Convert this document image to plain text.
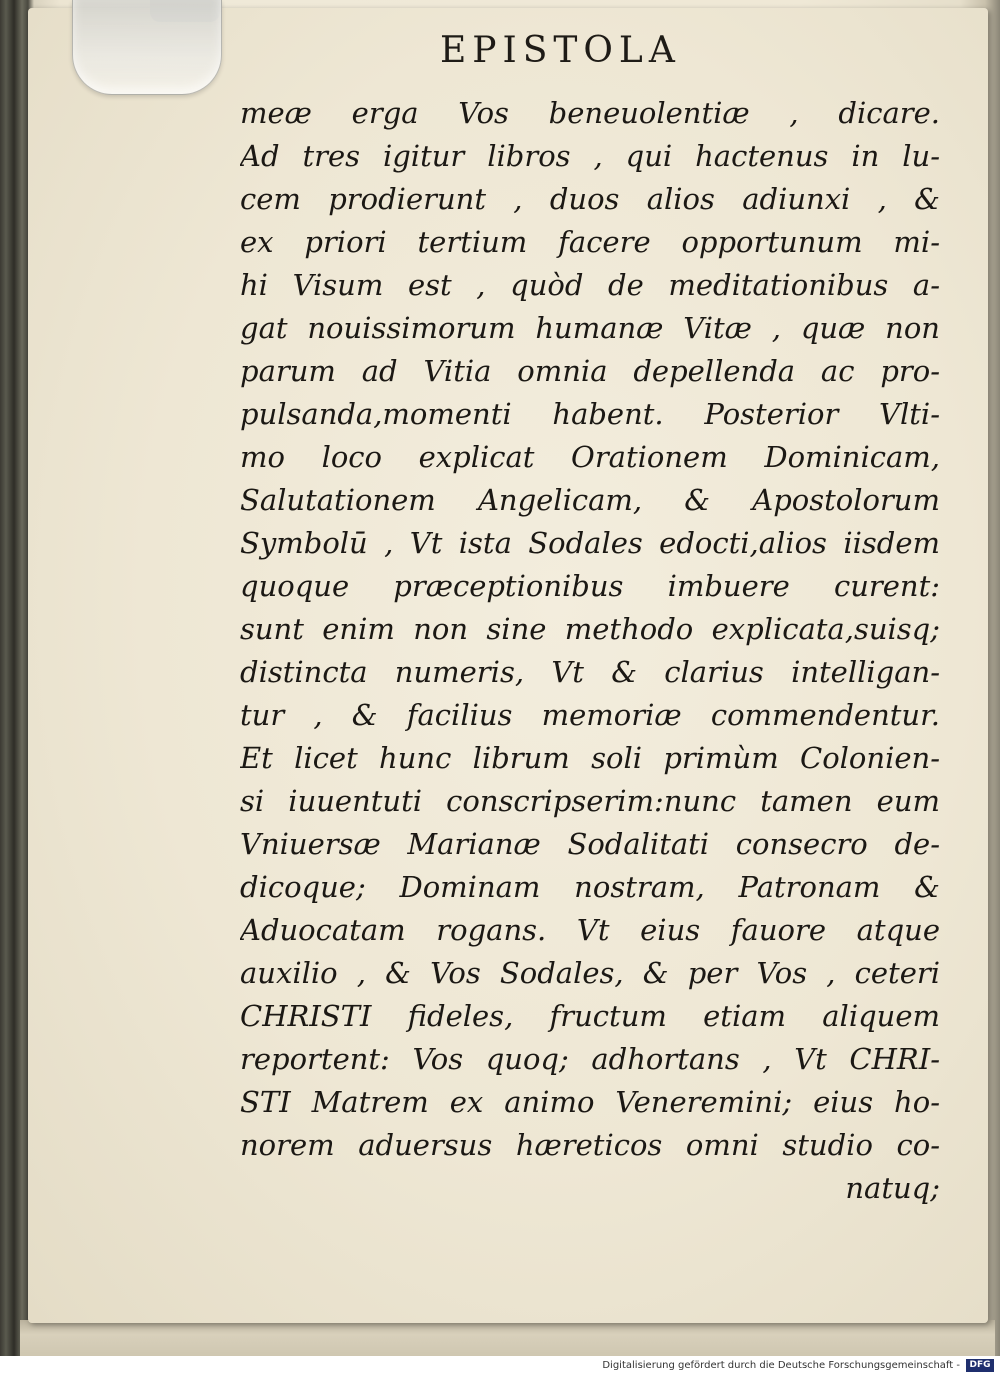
EPISTOLA
meæ erga Vos beneuolentiæ , dicare.
Ad tres igitur libros , qui hactenus in lu-
cem prodierunt , duos alios adiunxi , &
ex priori tertium facere opportunum mi-
hi Visum est , quòd de meditationibus a-
gat nouissimorum humanæ Vitæ , quæ non
parum ad Vitia omnia depellenda ac pro-
pulsanda,momenti habent. Posterior Vlti-
mo loco explicat Orationem Dominicam,
Salutationem Angelicam, & Apostolorum
Symbolū , Vt ista Sodales edocti,alios iisdem
quoque præceptionibus imbuere curent:
sunt enim non sine methodo explicata,suisq;
distincta numeris, Vt & clarius intelligan-
tur , & facilius memoriæ commendentur.
Et licet hunc librum soli primùm Colonien-
si iuuentuti conscripserim:nunc tamen eum
Vniuersæ Marianæ Sodalitati consecro de-
dicoque; Dominam nostram, Patronam &
Aduocatam rogans. Vt eius fauore atque
auxilio , & Vos Sodales, & per Vos , ceteri
CHRISTI fideles, fructum etiam aliquem
reportent: Vos quoq; adhortans , Vt CHRI-
STI Matrem ex animo Veneremini; eius ho-
norem aduersus hæreticos omni studio co-
natuq;
Digitalisierung gefördert durch die Deutsche Forschungsgemeinschaft -	DFG
